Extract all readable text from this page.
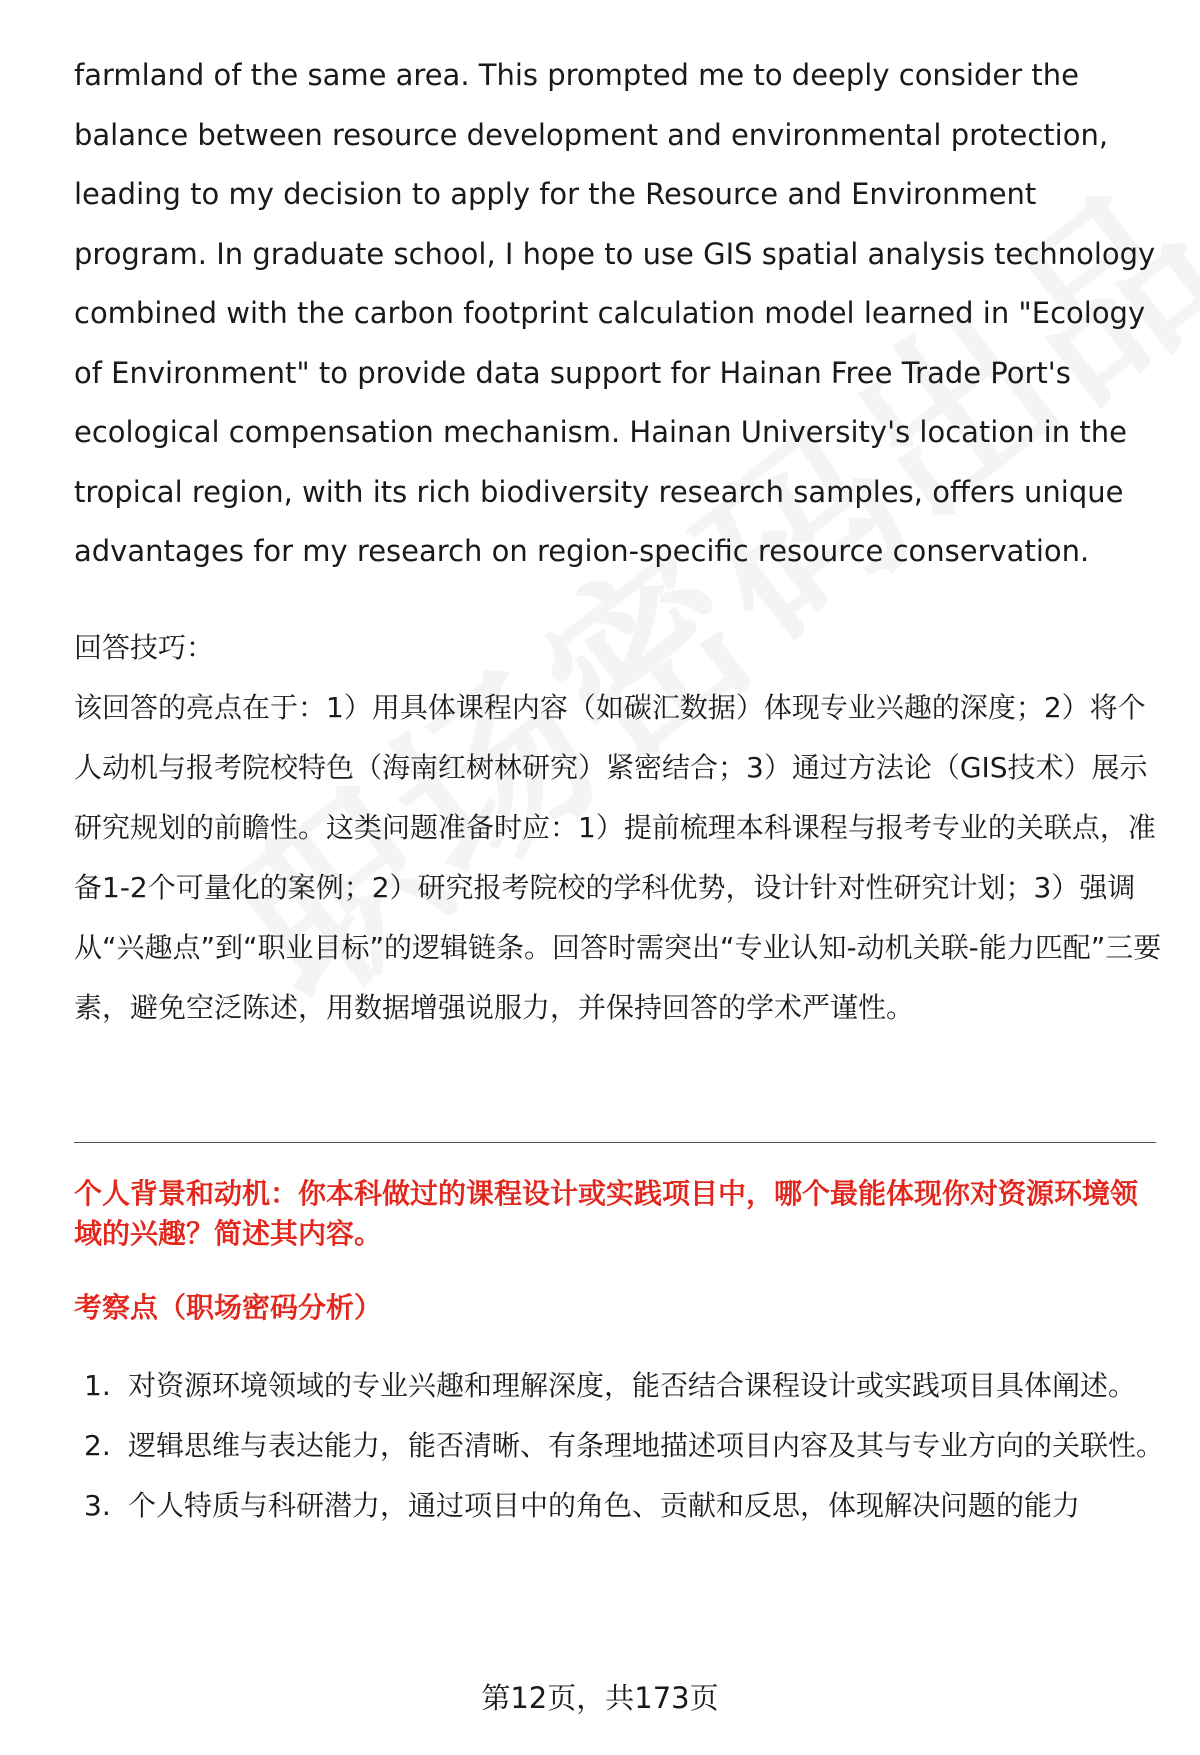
farmland of the same area. This prompted me to deeply consider the balance between resource development and environmental protection, leading to my decision to apply for the Resource and Environment program. In graduate school, I hope to use GIS spatial analysis technology combined with the carbon footprint calculation model learned in "Ecology of Environment" to provide data support for Hainan Free Trade Port's ecological compensation mechanism. Hainan University's location in the tropical region, with its rich biodiversity research samples, offers unique advantages for my research on region-specific resource conservation.

回答技巧：

该回答的亮点在于：1）用具体课程内容（如碳汇数据）体现专业兴趣的深度；2）将个人动机与报考院校特色（海南红树林研究）紧密结合；3）通过方法论（GIS技术）展示研究规划的前瞻性。这类问题准备时应：1）提前梳理本科课程与报考专业的关联点，准备1-2个可量化的案例；2）研究报考院校的学科优势，设计针对性研究计划；3）强调从“兴趣点”到“职业目标”的逻辑链条。回答时需突出“专业认知-动机关联-能力匹配”三要素，避免空泛陈述，用数据增强说服力，并保持回答的学术严谨性。

个人背景和动机：你本科做过的课程设计或实践项目中，哪个最能体现你对资源环境领域的兴趣？简述其内容。

考察点（职场密码分析）

1. 对资源环境领域的专业兴趣和理解深度，能否结合课程设计或实践项目具体阐述。
2. 逻辑思维与表达能力，能否清晰、有条理地描述项目内容及其与专业方向的关联性。
3. 个人特质与科研潜力，通过项目中的角色、贡献和反思，体现解决问题的能力
第12页，共173页
